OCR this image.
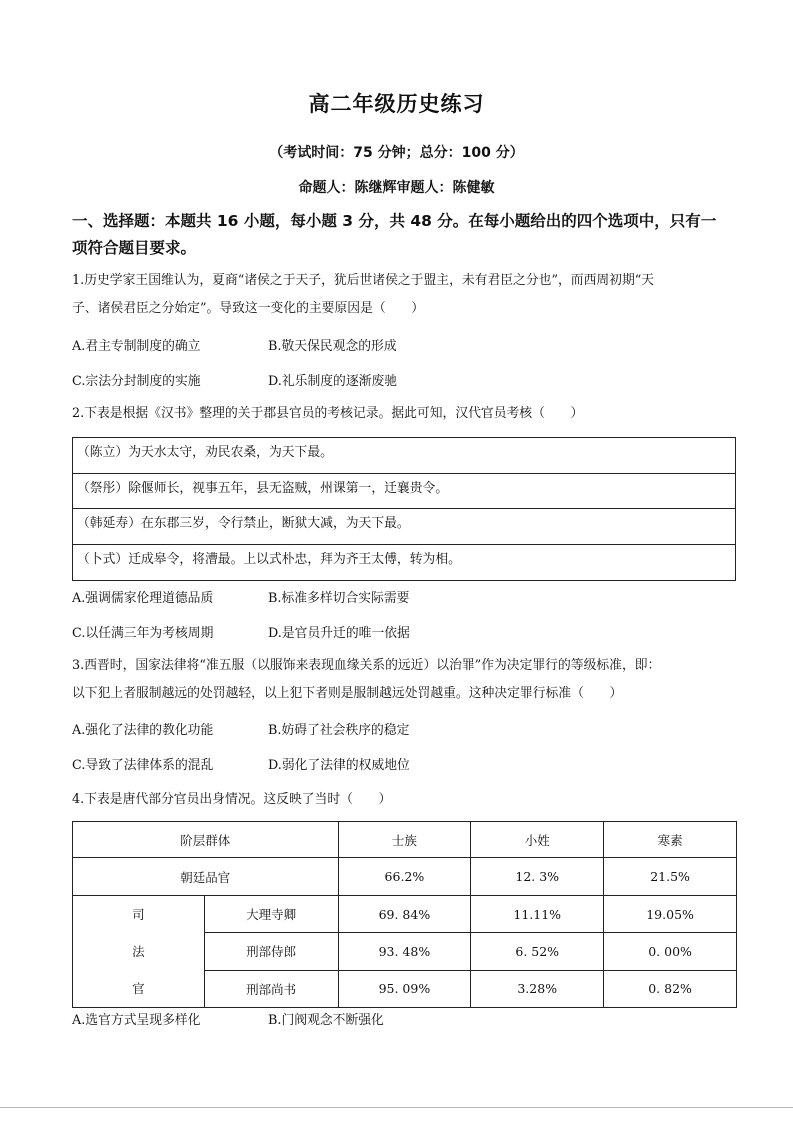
高二年级历史练习
（考试时间：75 分钟；总分：100 分）
命题人：陈继辉审题人：陈健敏
一、选择题：本题共 16 小题，每小题 3 分，共 48 分。在每小题给出的四个选项中，只有一
项符合题目要求。
1.历史学家王国维认为，夏商“诸侯之于天子，犹后世诸侯之于盟主，未有君臣之分也”，而西周初期“天
子、诸侯君臣之分始定”。导致这一变化的主要原因是（　　）
A.君主专制制度的确立	B.敬天保民观念的形成
C.宗法分封制度的实施	D.礼乐制度的逐渐废驰
2.下表是根据《汉书》整理的关于郡县官员的考核记录。据此可知，汉代官员考核（　　）
（陈立）为天水太守，劝民农桑，为天下最。
（祭彤）除偃师长，视事五年，县无盗贼，州课第一，迁襄贵令。
（韩延寿）在东郡三岁，令行禁止，断狱大减，为天下最。
（卜式）迁成皋令，将漕最。上以式朴忠，拜为齐王太傅，转为相。
A.强调儒家伦理道德品质	B.标准多样切合实际需要
C.以任满三年为考核周期	D.是官员升迁的唯一依据
3.西晋时，国家法律将“准五服（以服饰来表现血缘关系的远近）以治罪”作为决定罪行的等级标准，即：
以下犯上者服制越远的处罚越轻，以上犯下者则是服制越远处罚越重。这种决定罪行标准（　　）
A.强化了法律的教化功能	B.妨碍了社会秩序的稳定
C.导致了法律体系的混乱	D.弱化了法律的权威地位
4.下表是唐代部分官员出身情况。这反映了当时（　　）
阶层群体		士族	小姓	寒素
朝廷品官		66.2%	12. 3%	21.5%

司
法
官	大理寺卿	69. 84%	11.11%	19.05%
	刑部侍郎	93. 48%	6. 52%	0. 00%
	刑部尚书	95. 09%	3.28%	0. 82%
A.选官方式呈现多样化	B.门阀观念不断强化
